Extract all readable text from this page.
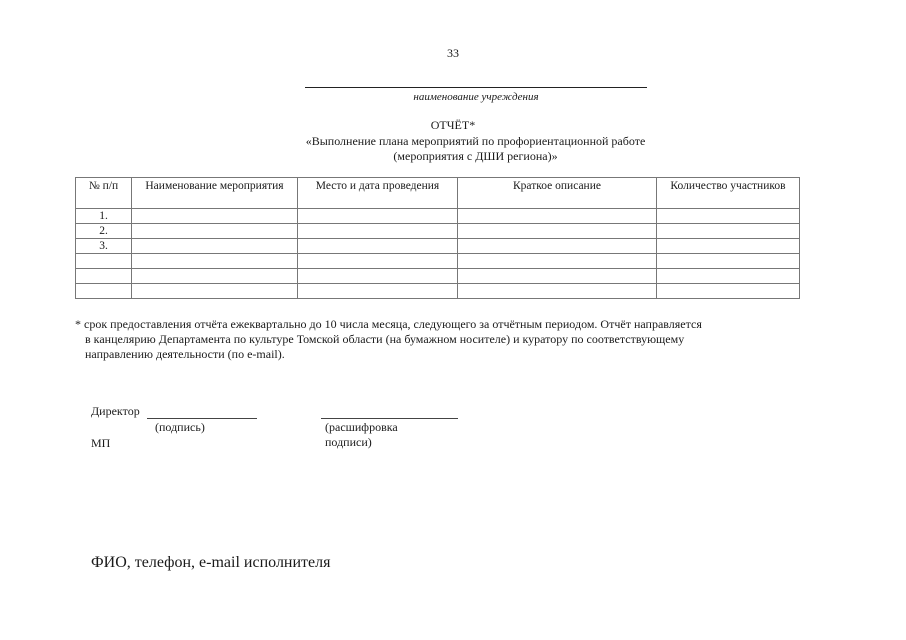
33
наименование учреждения
ОТЧЁТ*
«Выполнение плана мероприятий по профориентационной работе
(мероприятия с ДШИ региона)»
№ п/п	Наименование мероприятия	Место и дата проведения	Краткое описание	Количество участников
1.				
2.				
3.				

* срок предоставления отчёта ежеквартально до 10 числа месяца, следующего за отчётным периодом. Отчёт направляется
в канцелярию Департамента по культуре Томской области (на бумажном носителе) и куратору по соответствующему
направлению деятельности (по e-mail).
Директор
(подпись)	(расшифровка подписи)
МП
ФИО, телефон, e-mail исполнителя
